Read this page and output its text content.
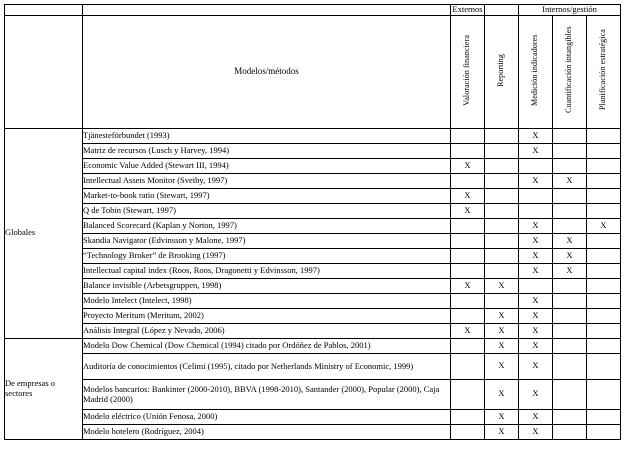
		Externos		Internos/gestión		
	Modelos/métodos	Valoración financiera	Reporting	Medición indicadores	Cuantificación intangibles	Planificación estratégica
Globales	Tjänesteförbundet (1993)			X		
	Matriz de recursos (Lusch y Harvey, 1994)			X		
	Economic Value Added (Stewart III, 1994)	X				
	Intellectual Assets Monitor (Sveiby, 1997)			X	X	
	Market-to-book ratio (Stewart, 1997)	X				
	Q de Tobin (Stewart, 1997)	X				
	Balanced Scorecard (Kaplan y Norton, 1997)			X		X
	Skandia Navigator (Edvinsson y Malone, 1997)			X	X	
	“Technology Broker” de Brooking (1997)			X	X	
	Intellectual capital index (Roos, Roos, Dragonetti y Edvinsson, 1997)			X	X	
	Balance invisible (Arbetsgruppen, 1998)	X	X			
	Modelo Intelect (Intelect, 1998)			X		
	Proyecto Meritum (Meritum, 2002)		X	X		
	Análisis Integral (López y Nevado, 2006)	X	X	X		
De empresas o sectores	Modelo Dow Chemical (Dow Chemical (1994) citado por Ordóñez de Pablos, 2001)		X	X		
	Auditoría de conocimientos (Celimi (1995), citado por Netherlands Ministry of Economic, 1999)		X	X		
	Modelos bancarios: Bankinter (2000-2010), BBVA (1998-2010), Santander (2000), Popular (2000), Caja Madrid (2000)		X	X		
	Modelo eléctrico (Unión Fenosa, 2000)		X	X		
	Modelo hotelero (Rodríguez, 2004)		X	X		
